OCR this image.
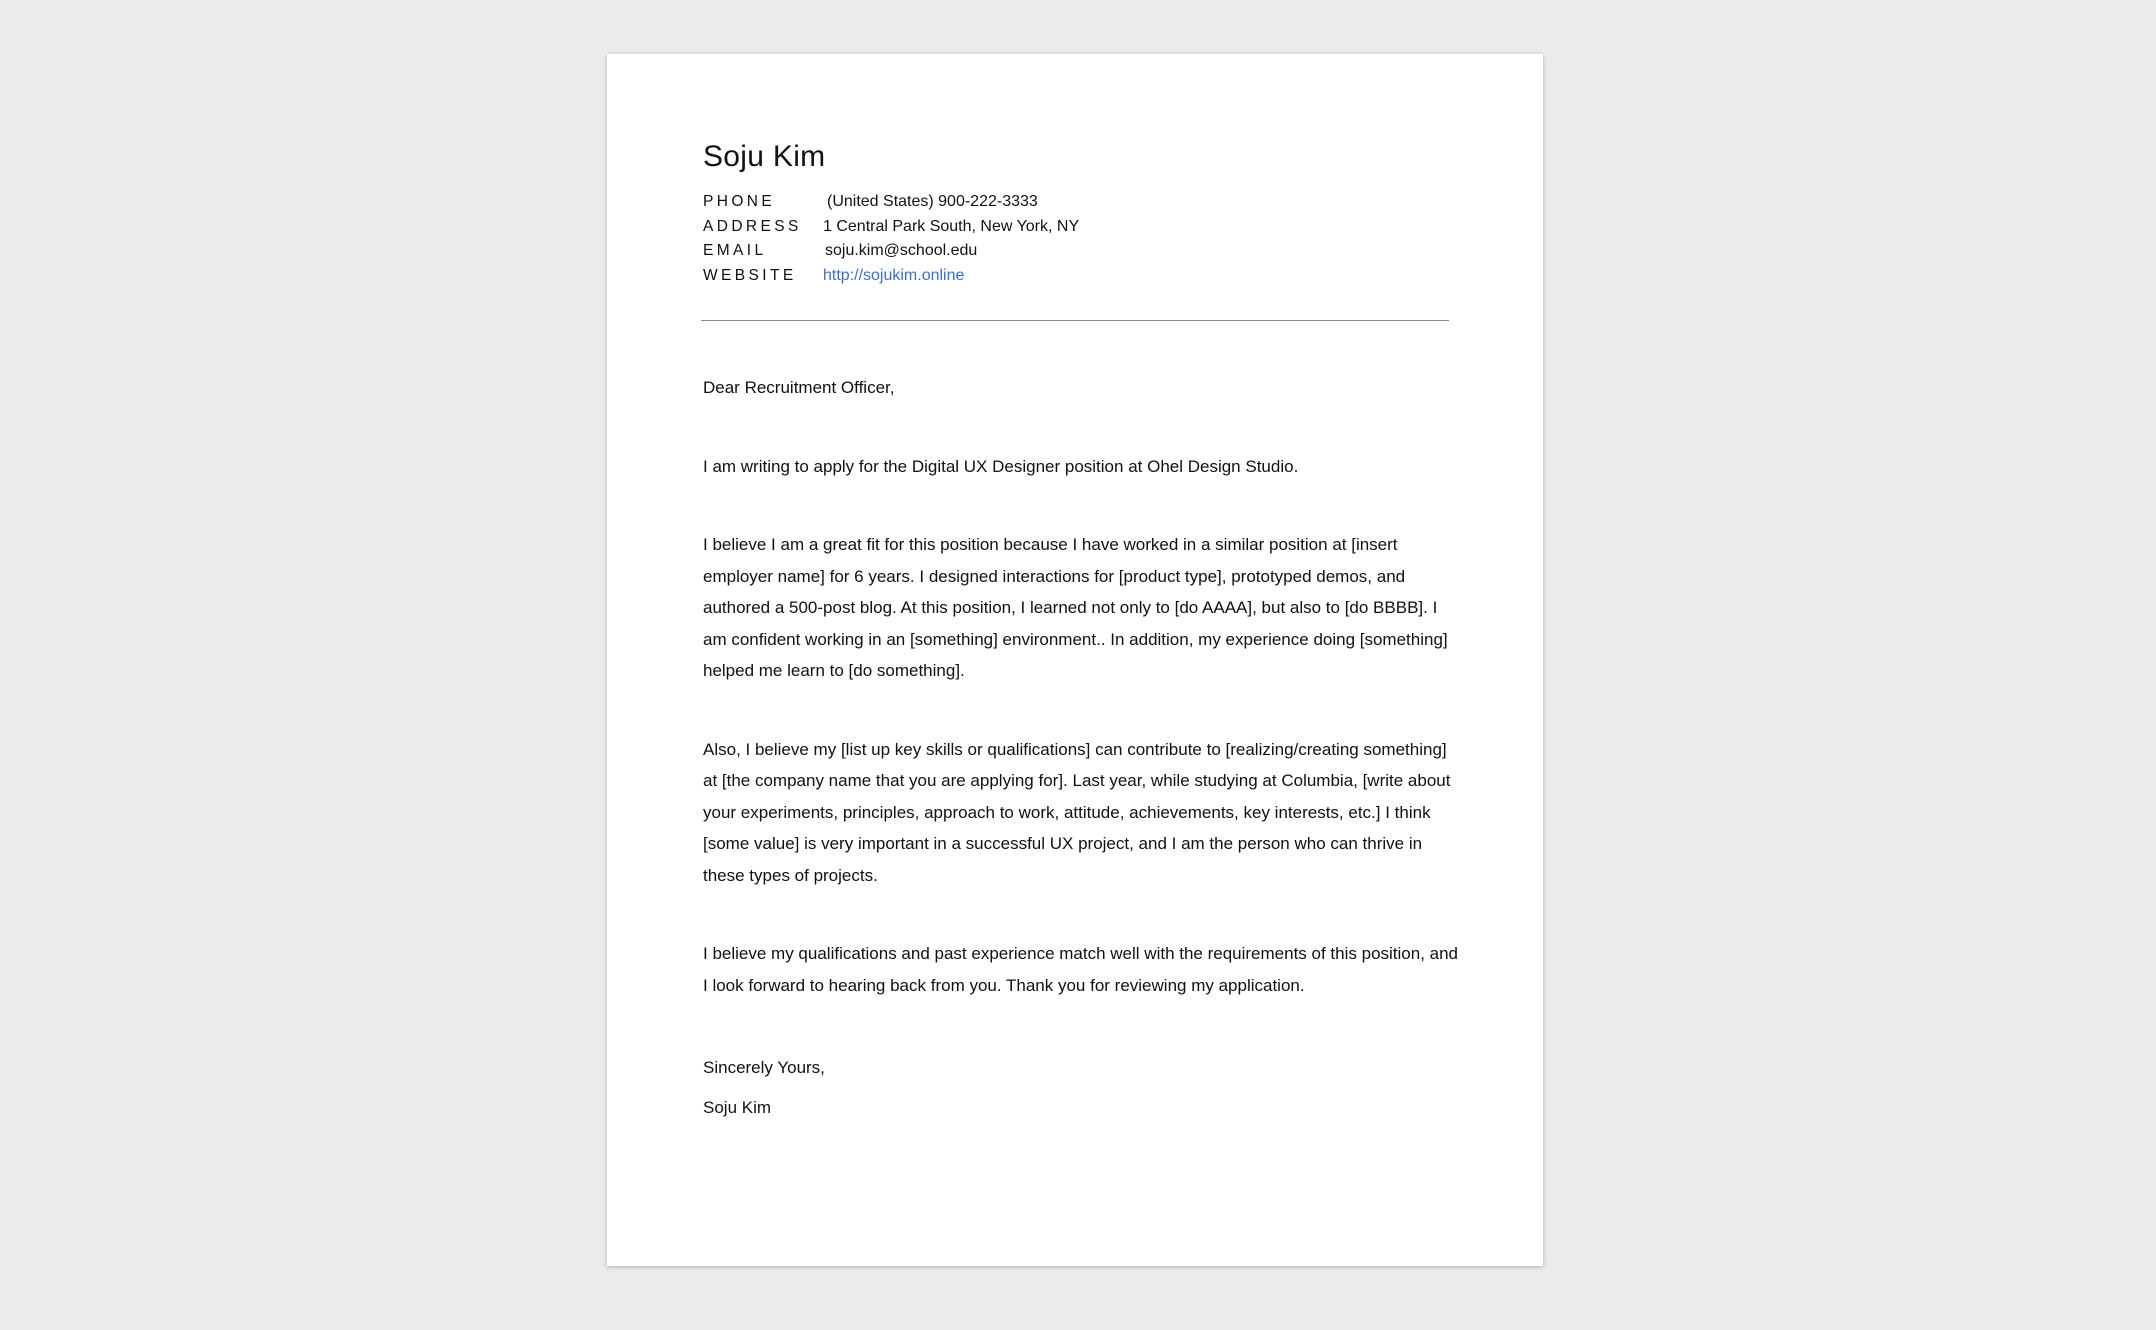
Soju Kim
PHONE	(United States) 900-222-3333
ADDRESS 1 Central Park South, New York, NY
EMAIL	soju.kim@school.edu
WEBSITE http://sojukim.online

Dear Recruitment Officer,

I am writing to apply for the Digital UX Designer position at Ohel Design Studio.

I believe I am a great fit for this position because I have worked in a similar position at [insert employer name] for 6 years. I designed interactions for [product type], prototyped demos, and authored a 500-post blog. At this position, I learned not only to [do AAAA], but also to [do BBBB]. I am confident working in an [something] environment.. In addition, my experience doing [something] helped me learn to [do something].

Also, I believe my [list up key skills or qualifications] can contribute to [realizing/creating something] at [the company name that you are applying for]. Last year, while studying at Columbia, [write about your experiments, principles, approach to work, attitude, achievements, key interests, etc.] I think [some value] is very important in a successful UX project, and I am the person who can thrive in these types of projects.

I believe my qualifications and past experience match well with the requirements of this position, and I look forward to hearing back from you. Thank you for reviewing my application.

Sincerely Yours,
Soju Kim
